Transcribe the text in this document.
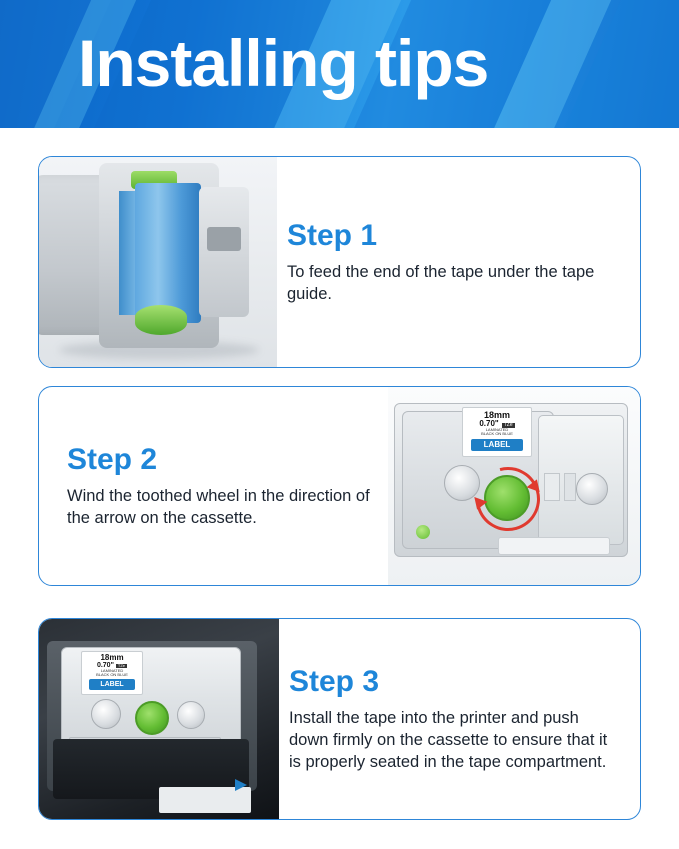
Installing tips
Step 1
To feed the end of the tape under the tape guide.
18mm
0.70"	TZe
LAMINATED
BLACK ON BLUE
LABEL
Step 2
Wind the toothed wheel in the direction of the arrow on the cassette.
18mm
0.70"	TZe
LAMINATED
BLACK ON BLUE
LABEL	Step 3
Install the tape into the printer and push down firmly on the cassette to ensure that it is properly seated in the tape compartment.
